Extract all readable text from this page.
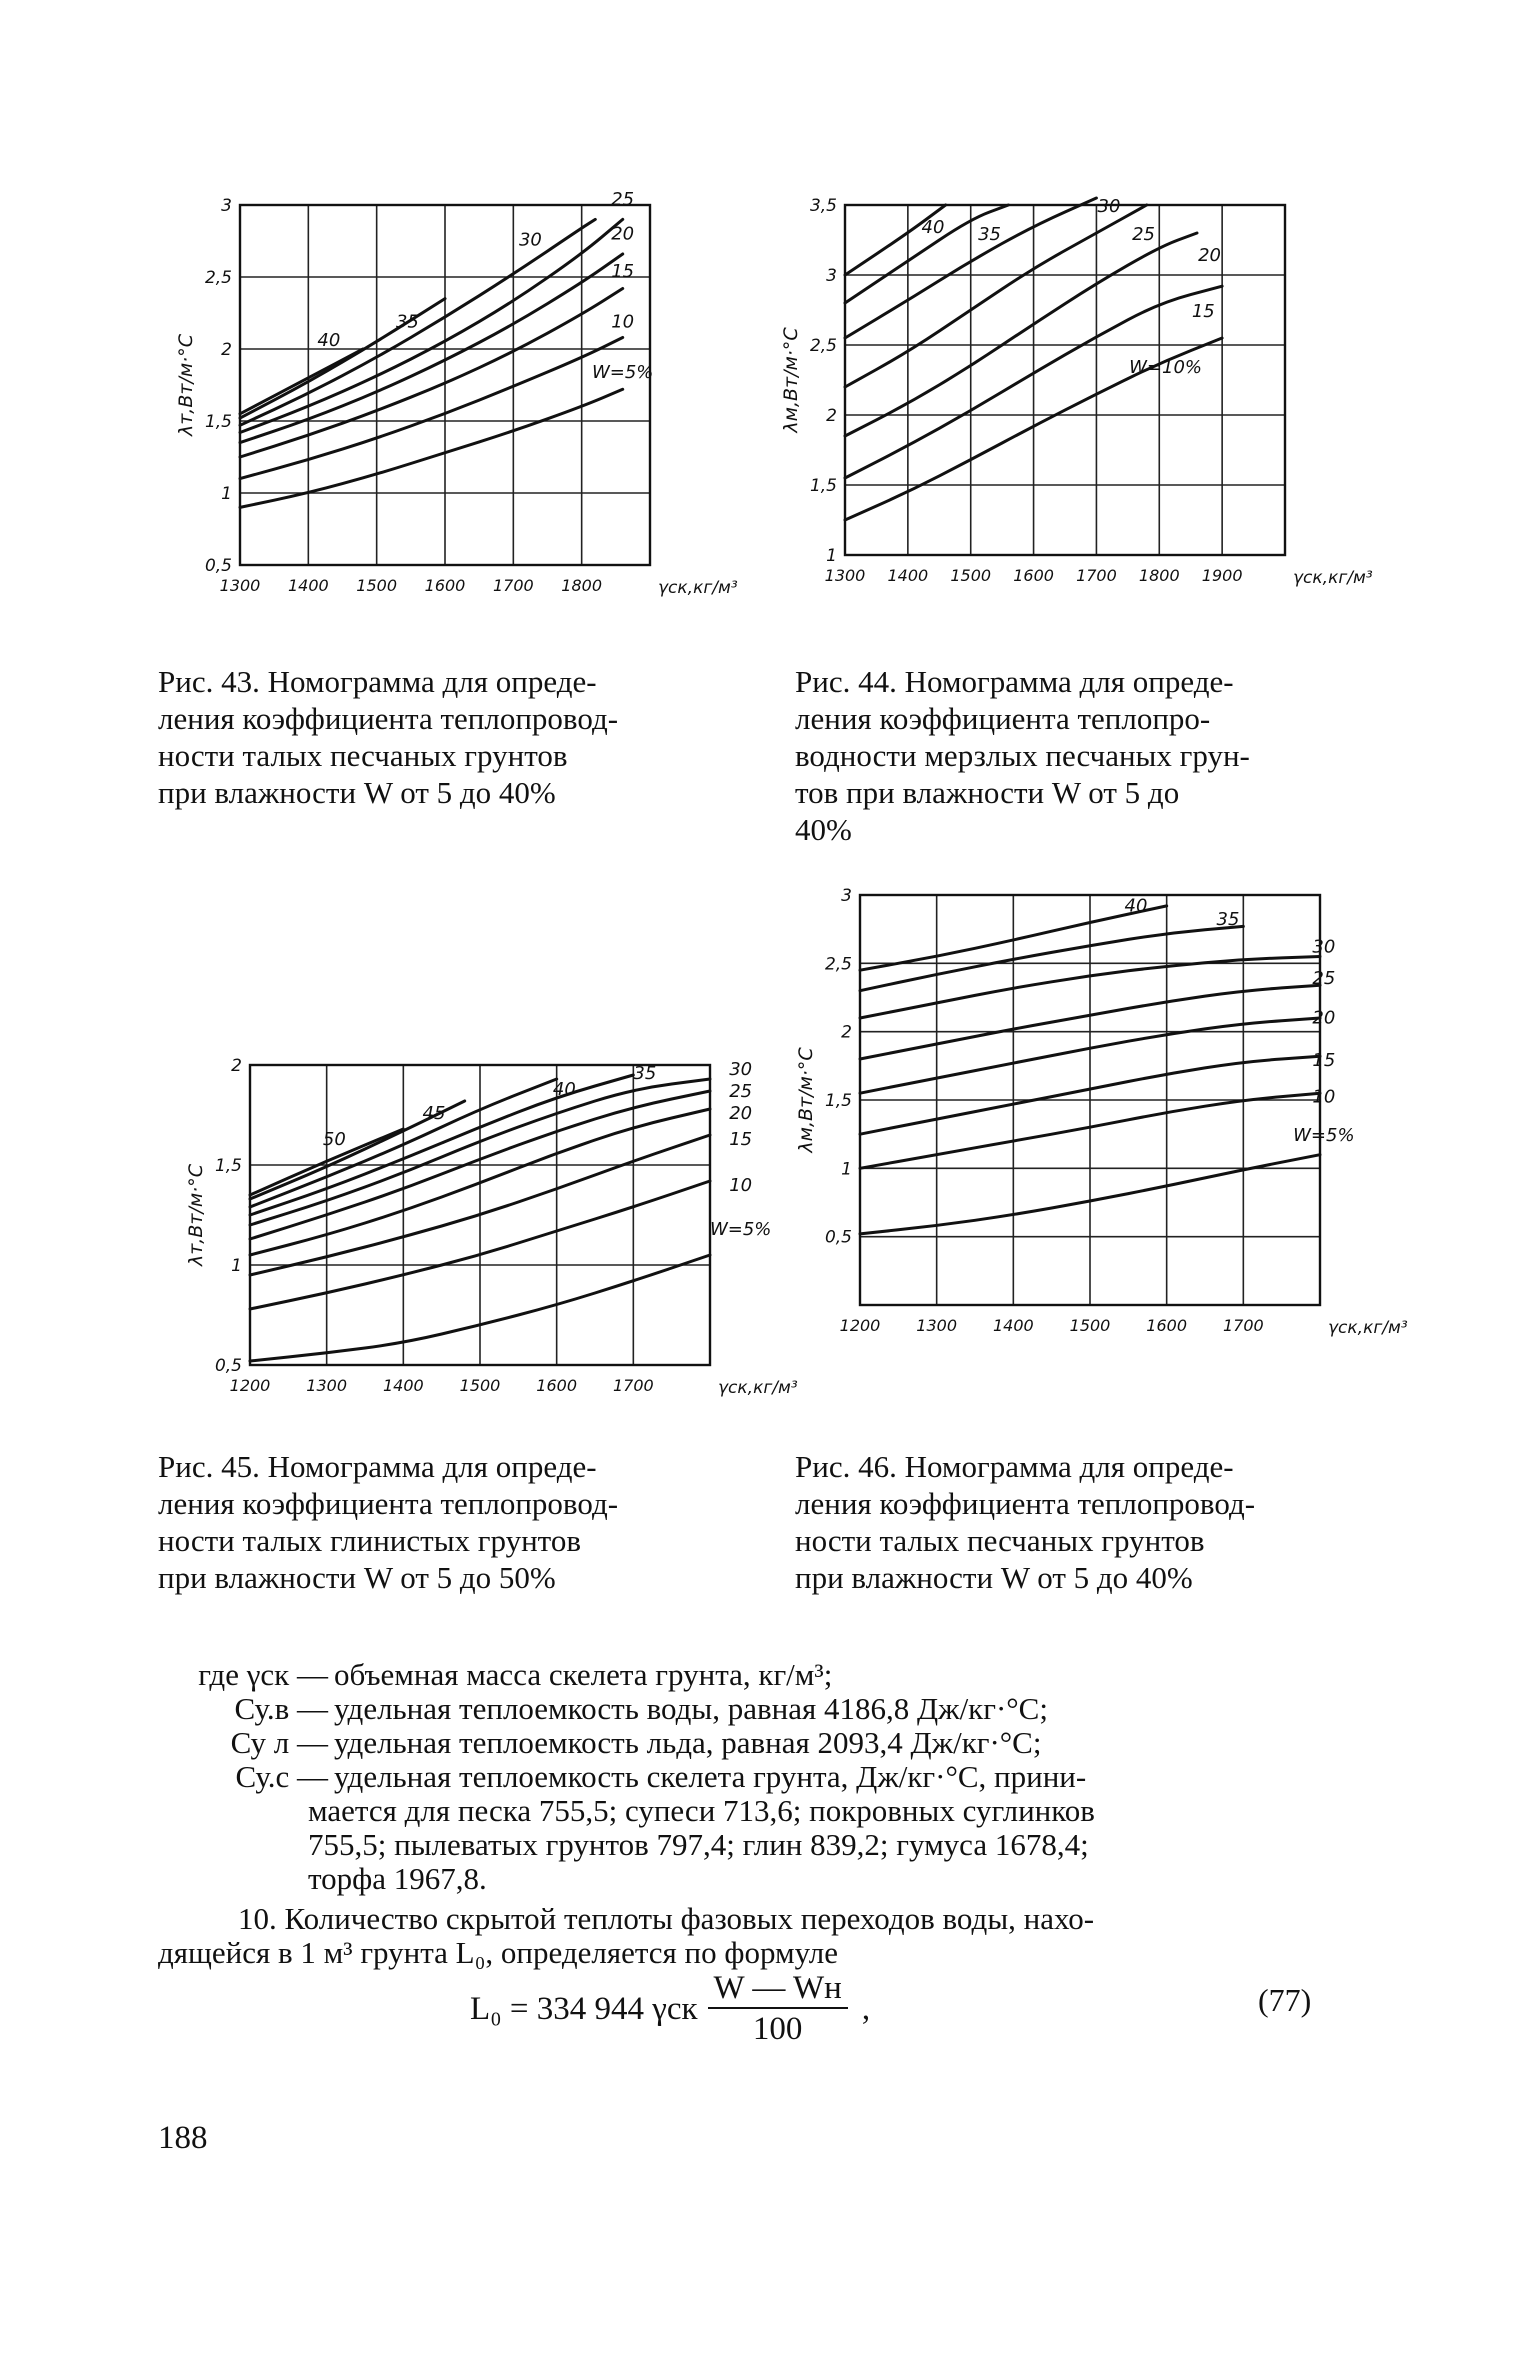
1300 1400 1500 1600 1700 1800
0,5
1
1,5
2
2,5
3
γск,кг/м³
λт,Вт/м·°С	W=5%
10
15
20
25
30
35
40
1300 1400 1500 1600 1700 1800 1900
1
1,5
2
2,5
3
3,5
γск,кг/м³
λм,Вт/м·°С	W=10%
15
20
25
30
35
40
1200 1300 1400 1500 1600 1700
0,5
1
1,5
2
γск,кг/м³
λт,Вт/м·°С	W=5%
10
15
20
25
30
35
40
45
50
1200 1300 1400 1500 1600 1700
0,5
1
1,5
2
2,5
3
γск,кг/м³
λм,Вт/м·°С	W=5%
10
15
20
25
30
35
40

Рис. 43. Номограмма для опреде-
ления коэффициента теплопровод-
ности талых песчаных грунтов
при влажности W от 5 до 40%

Рис. 44. Номограмма для опреде-
ления коэффициента теплопро-
водности мерзлых песчаных грун-
тов при влажности W от 5 до
40%

Рис. 45. Номограмма для опреде-
ления коэффициента теплопровод-
ности талых глинистых грунтов
при влажности W от 5 до 50%

Рис. 46. Номограмма для опреде-
ления коэффициента теплопровод-
ности талых песчаных грунтов
при влажности W от 5 до 40%

где γск — объемная масса скелета грунта, кг/м³;
Су.в — удельная теплоемкость воды, равная 4186,8 Дж/кг·°С;
Су л — удельная теплоемкость льда, равная 2093,4 Дж/кг·°С;
Су.с — удельная теплоемкость скелета грунта, Дж/кг·°С, прини-
мается для песка 755,5; супеси 713,6; покровных суглинков
755,5; пылеватых грунтов 797,4; глин 839,2; гумуса 1678,4;
торфа 1967,8.
10. Количество скрытой теплоты фазовых переходов воды, нахо-
дящейся в 1 м³ грунта L₀, определяется по формуле
L₀ = 334 944 γск $\frac{W — Wн}{100}$ ,	(77)
188
